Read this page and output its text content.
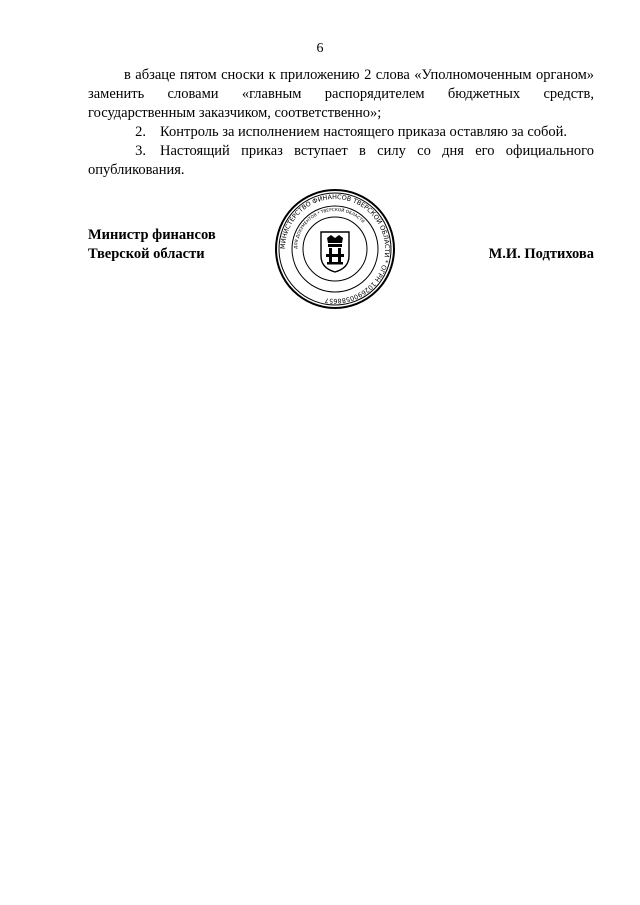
6

в абзаце пятом сноски к приложению 2 слова «Уполномоченным органом» заменить словами «главным распорядителем бюджетных средств, государственным заказчиком, соответственно»;

2. Контроль за исполнением настоящего приказа оставляю за собой.

3. Настоящий приказ вступает в силу со дня его официального опубликования.

Министр финансов
Тверской области	М.И. Подтихова
МИНИСТЕРСТВО ФИНАНСОВ ТВЕРСКОЙ ОБЛАСТИ * ОГРН 1026900588657
ДЛЯ ДОКУМЕНТОВ * ТВЕРСКОЙ ОБЛАСТИ
